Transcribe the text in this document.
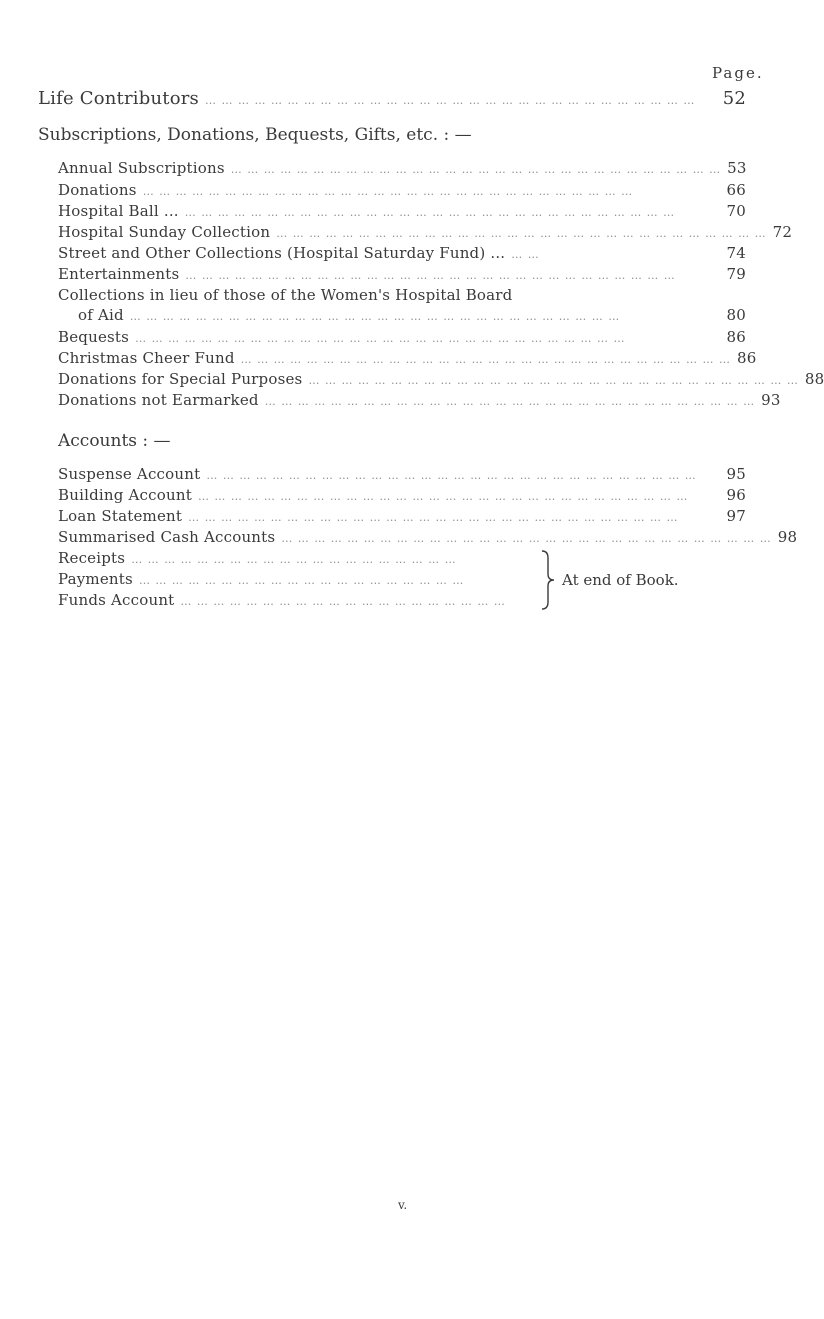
Page.
Life Contributors … … … … … … … … … … … … … … … … … … … … … … … … … … … … … …	52
Subscriptions, Donations, Bequests, Gifts, etc. : —
Annual Subscriptions … … … … … … … … … … … … … … … … … … … … … … … … … … … … … … 53
Donations … … … … … … … … … … … … … … … … … … … … … … … … … … … … … …	66
Hospital Ball ... … … … … … … … … … … … … … … … … … … … … … … … … … … … … … …	70
Hospital Sunday Collection … … … … … … … … … … … … … … … … … … … … … … … … … … … … … … 72
Street and Other Collections (Hospital Saturday Fund) ... … …	74
Entertainments … … … … … … … … … … … … … … … … … … … … … … … … … … … … … …	79
Collections in lieu of those of the Women's Hospital Board
of Aid … … … … … … … … … … … … … … … … … … … … … … … … … … … … … …	80
Bequests … … … … … … … … … … … … … … … … … … … … … … … … … … … … … …	86
Christmas Cheer Fund … … … … … … … … … … … … … … … … … … … … … … … … … … … … … … 86
Donations for Special Purposes … … … … … … … … … … … … … … … … … … … … … … … … … … … … … … 88
Donations not Earmarked … … … … … … … … … … … … … … … … … … … … … … … … … … … … … … 93
Accounts : —
Suspense Account … … … … … … … … … … … … … … … … … … … … … … … … … … … … … …	95
Building Account … … … … … … … … … … … … … … … … … … … … … … … … … … … … … …	96
Loan Statement … … … … … … … … … … … … … … … … … … … … … … … … … … … … … …	97
Summarised Cash Accounts … … … … … … … … … … … … … … … … … … … … … … … … … … … … … … 98
Receipts … … … … … … … … … … … … … … … … … … … …
Payments … … … … … … … … … … … … … … … … … … … …
Funds Account … … … … … … … … … … … … … … … … … … … …
At end of Book.
v.
